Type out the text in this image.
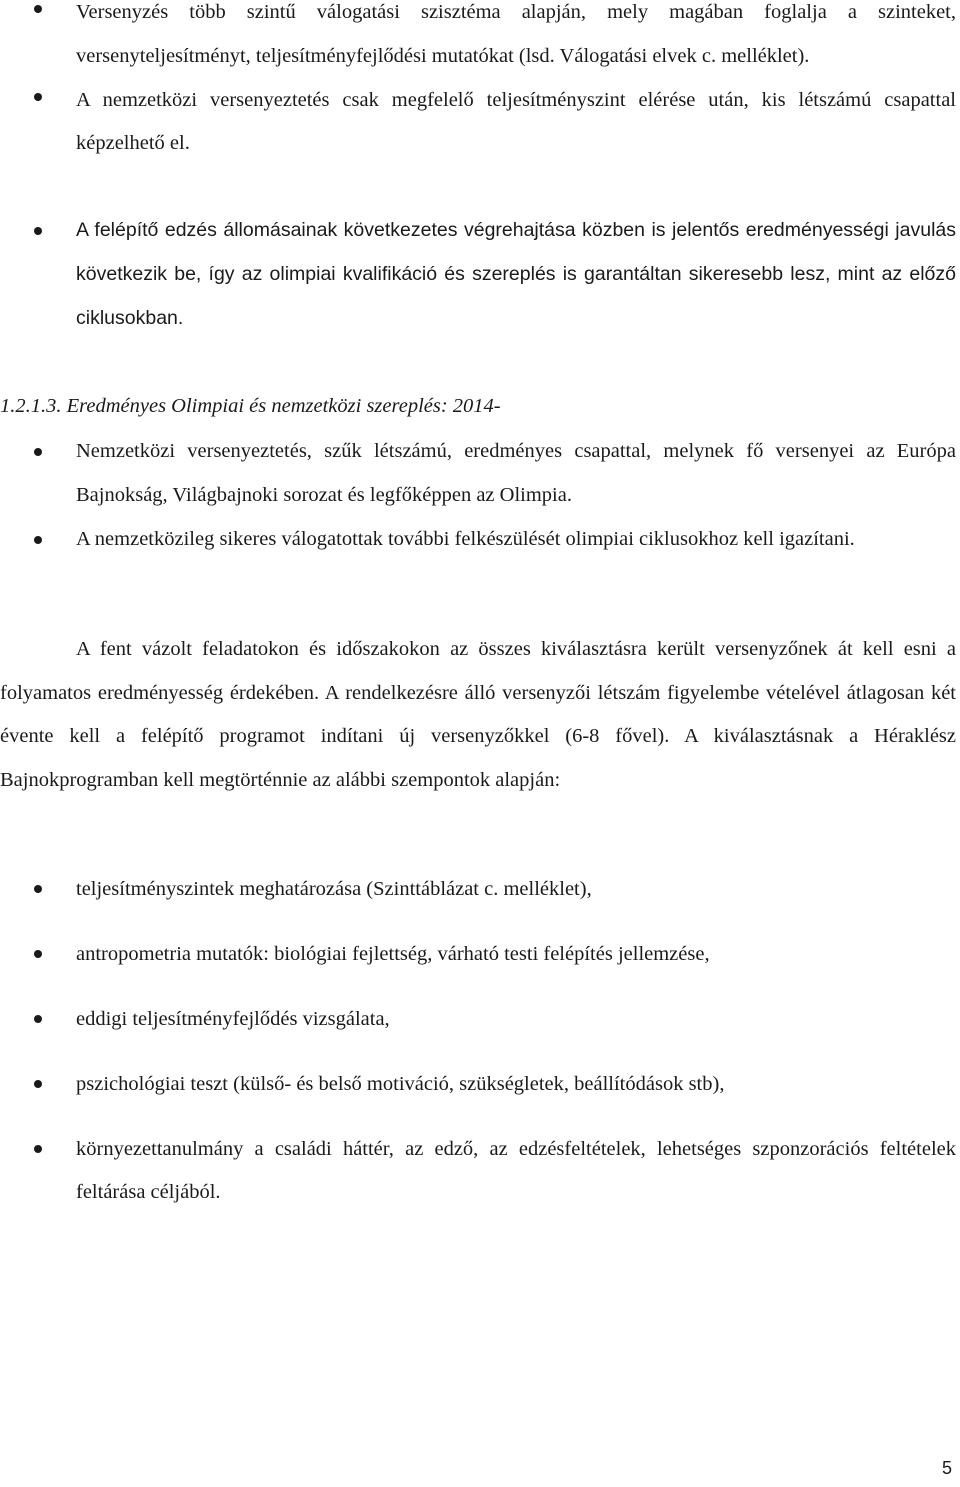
Versenyzés több szintű válogatási szisztéma alapján, mely magában foglalja a szinteket, versenyteljesítményt, teljesítményfejlődési mutatókat (lsd. Válogatási elvek c. melléklet).
A nemzetközi versenyeztetés csak megfelelő teljesítményszint elérése után, kis létszámú csapattal képzelhető el.
A felépítő edzés állomásainak következetes végrehajtása közben is jelentős eredményességi javulás következik be, így az olimpiai kvalifikáció és szereplés is garantáltan sikeresebb lesz, mint az előző ciklusokban.
1.2.1.3. Eredményes Olimpiai és nemzetközi szereplés: 2014-
Nemzetközi versenyeztetés, szűk létszámú, eredményes csapattal, melynek fő versenyei az Európa Bajnokság, Világbajnoki sorozat és legfőképpen az Olimpia.
A nemzetközileg sikeres válogatottak további felkészülését olimpiai ciklusokhoz kell igazítani.
A fent vázolt feladatokon és időszakokon az összes kiválasztásra került versenyzőnek át kell esni a folyamatos eredményesség érdekében. A rendelkezésre álló versenyzői létszám figyelembe vételével átlagosan két évente kell a felépítő programot indítani új versenyzőkkel (6-8 fővel). A kiválasztásnak a Héraklész Bajnokprogramban kell megtörténnie az alábbi szempontok alapján:
teljesítményszintek meghatározása (Szinttáblázat c. melléklet),
antropometria mutatók: biológiai fejlettség, várható testi felépítés jellemzése,
eddigi teljesítményfejlődés vizsgálata,
pszichológiai teszt (külső- és belső motiváció, szükségletek, beállítódások stb),
környezettanulmány a családi háttér, az edző, az edzésfeltételek, lehetséges szponzorációs feltételek feltárása céljából.
5
